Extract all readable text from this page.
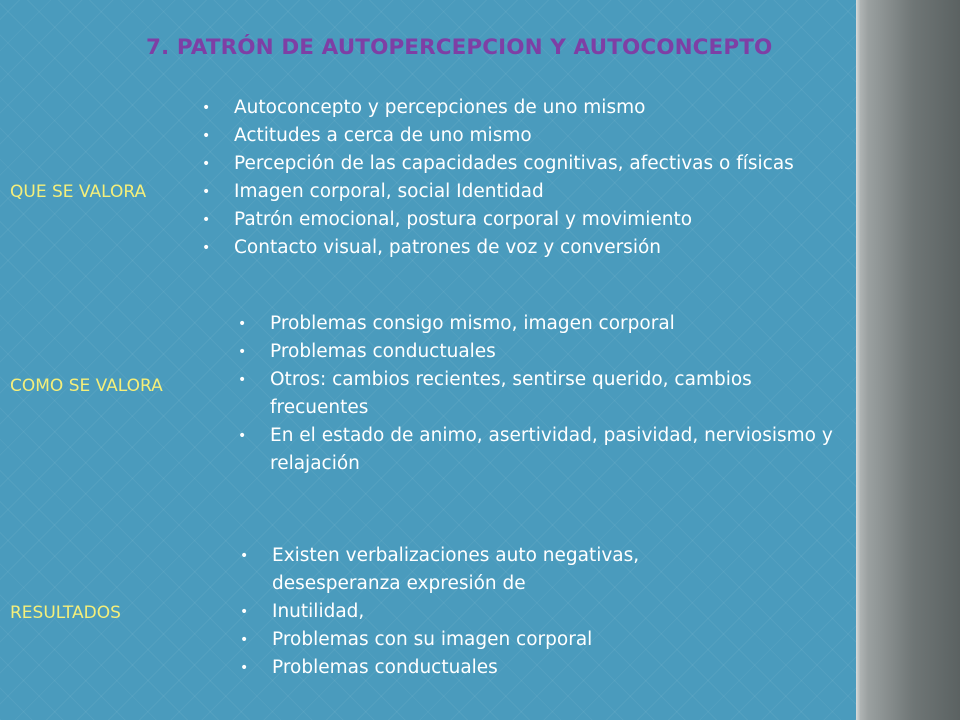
7. PATRÓN DE AUTOPERCEPCION Y AUTOCONCEPTO

QUE SE VALORA

• Autoconcepto y percepciones de uno mismo
• Actitudes a cerca de uno mismo
• Percepción de las capacidades cognitivas, afectivas o físicas
• Imagen corporal, social Identidad
• Patrón emocional, postura corporal y movimiento
• Contacto visual, patrones de voz y conversión

COMO SE VALORA

• Problemas consigo mismo, imagen corporal
• Problemas conductuales
• Otros: cambios recientes, sentirse querido, cambios frecuentes
• En el estado de animo, asertividad, pasividad, nerviosismo y relajación

RESULTADOS

• Existen verbalizaciones auto negativas, desesperanza expresión de
• Inutilidad,
• Problemas con su imagen corporal
• Problemas conductuales
